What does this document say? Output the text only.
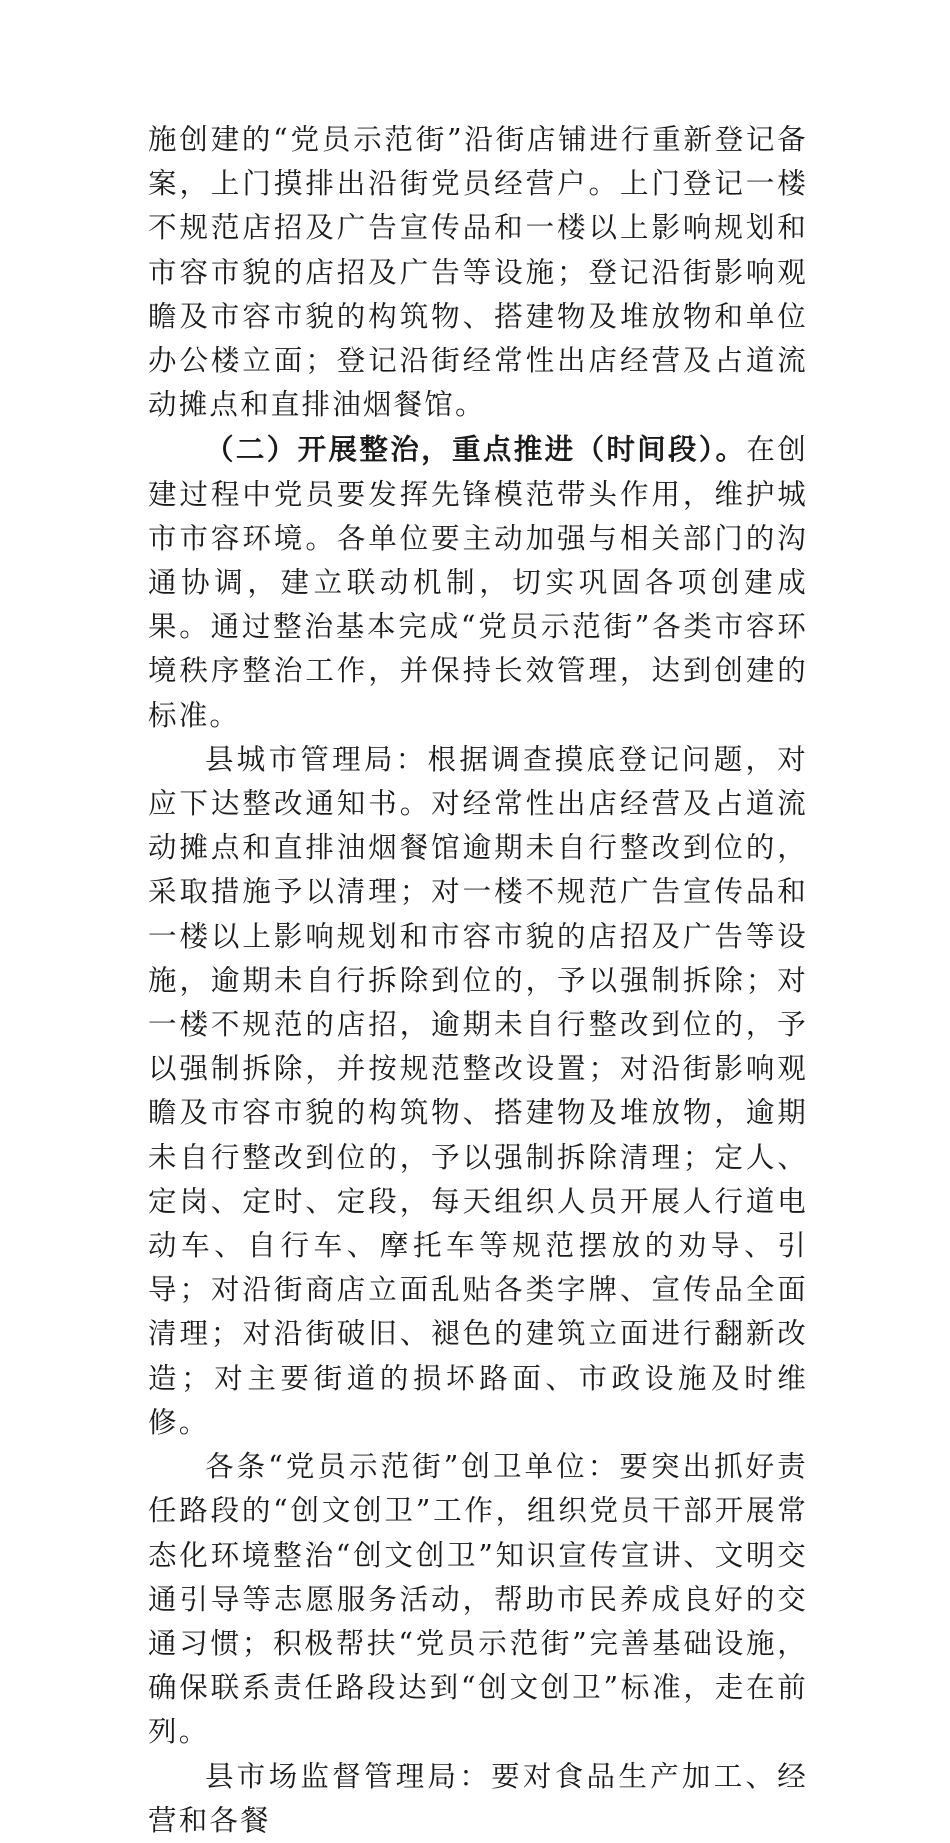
施创建的“党员示范街”沿街店铺进行重新登记备案，上门摸排出沿街党员经营户。上门登记一楼不规范店招及广告宣传品和一楼以上影响规划和市容市貌的店招及广告等设施；登记沿街影响观瞻及市容市貌的构筑物、搭建物及堆放物和单位办公楼立面；登记沿街经常性出店经营及占道流动摊点和直排油烟餐馆。

（二）开展整治，重点推进（时间段）。在创建过程中党员要发挥先锋模范带头作用，维护城市市容环境。各单位要主动加强与相关部门的沟通协调，建立联动机制，切实巩固各项创建成果。通过整治基本完成“党员示范街”各类市容环境秩序整治工作，并保持长效管理，达到创建的标准。

县城市管理局：根据调查摸底登记问题，对应下达整改通知书。对经常性出店经营及占道流动摊点和直排油烟餐馆逾期未自行整改到位的，采取措施予以清理；对一楼不规范广告宣传品和一楼以上影响规划和市容市貌的店招及广告等设施，逾期未自行拆除到位的，予以强制拆除；对一楼不规范的店招，逾期未自行整改到位的，予以强制拆除，并按规范整改设置；对沿街影响观瞻及市容市貌的构筑物、搭建物及堆放物，逾期未自行整改到位的，予以强制拆除清理；定人、定岗、定时、定段，每天组织人员开展人行道电动车、自行车、摩托车等规范摆放的劝导、引导；对沿街商店立面乱贴各类字牌、宣传品全面清理；对沿街破旧、褪色的建筑立面进行翻新改造；对主要街道的损坏路面、市政设施及时维修。

各条“党员示范街”创卫单位：要突出抓好责任路段的“创文创卫”工作，组织党员干部开展常态化环境整治“创文创卫”知识宣传宣讲、文明交通引导等志愿服务活动，帮助市民养成良好的交通习惯；积极帮扶“党员示范街”完善基础设施，确保联系责任路段达到“创文创卫”标准，走在前列。

县市场监督管理局：要对食品生产加工、经营和各餐
